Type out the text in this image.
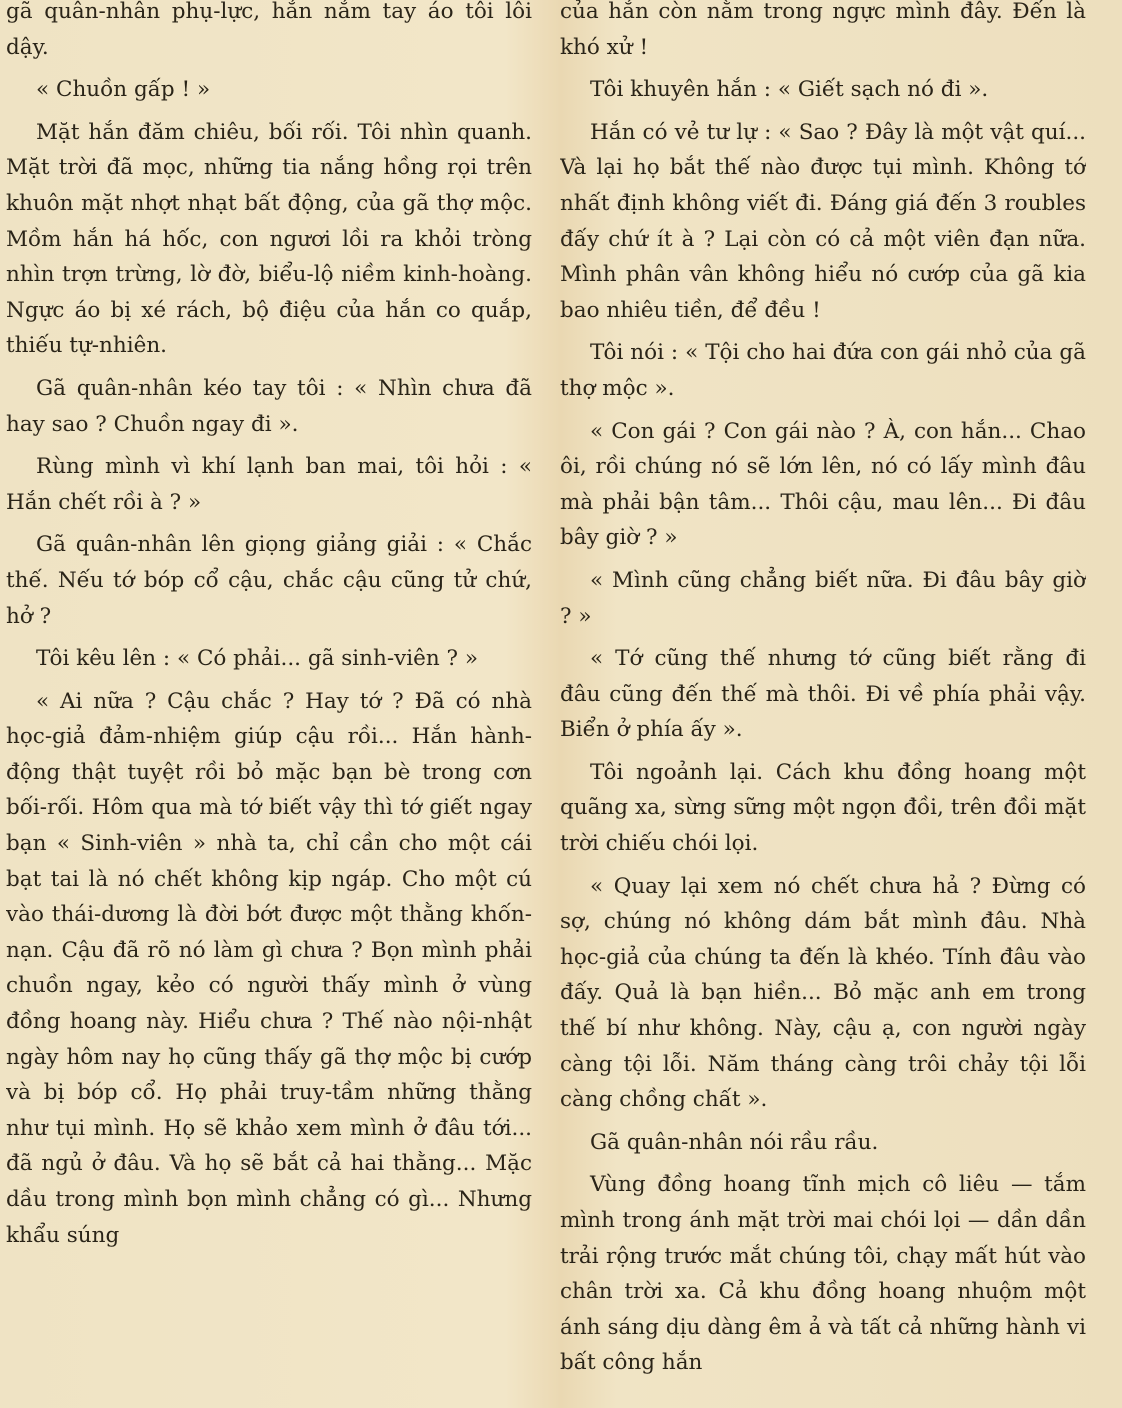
gã quân-nhân phụ-lực, hắn nắm tay áo tôi lôi dậy.

« Chuồn gấp ! »

Mặt hắn đăm chiêu, bối rối. Tôi nhìn quanh. Mặt trời đã mọc, những tia nắng hồng rọi trên khuôn mặt nhợt nhạt bất động, của gã thợ mộc. Mồm hắn há hốc, con ngươi lồi ra khỏi tròng nhìn trợn trừng, lờ đờ, biểu-lộ niềm kinh-hoàng. Ngực áo bị xé rách, bộ điệu của hắn co quắp, thiếu tự-nhiên.

Gã quân-nhân kéo tay tôi : « Nhìn chưa đã hay sao ? Chuồn ngay đi ».

Rùng mình vì khí lạnh ban mai, tôi hỏi : « Hắn chết rồi à ? »

Gã quân-nhân lên giọng giảng giải : « Chắc thế. Nếu tớ bóp cổ cậu, chắc cậu cũng tử chứ, hở ?

Tôi kêu lên : « Có phải... gã sinh-viên ? »

« Ai nữa ? Cậu chắc ? Hay tớ ? Đã có nhà học-giả đảm-nhiệm giúp cậu rồi... Hắn hành-động thật tuyệt rồi bỏ mặc bạn bè trong cơn bối-rối. Hôm qua mà tớ biết vậy thì tớ giết ngay bạn « Sinh-viên » nhà ta, chỉ cần cho một cái bạt tai là nó chết không kịp ngáp. Cho một cú vào thái-dương là đời bớt được một thằng khốn-nạn. Cậu đã rõ nó làm gì chưa ? Bọn mình phải chuồn ngay, kẻo có người thấy mình ở vùng đồng hoang này. Hiểu chưa ? Thế nào nội-nhật ngày hôm nay họ cũng thấy gã thợ mộc bị cướp và bị bóp cổ. Họ phải truy-tầm những thằng như tụi mình. Họ sẽ khảo xem mình ở đâu tới... đã ngủ ở đâu. Và họ sẽ bắt cả hai thằng... Mặc dầu trong mình bọn mình chẳng có gì... Nhưng khẩu súng

của hắn còn nằm trong ngực mình đây. Đến là khó xử !

Tôi khuyên hắn : « Giết sạch nó đi ».

Hắn có vẻ tư lự : « Sao ? Đây là một vật quí... Và lại họ bắt thế nào được tụi mình. Không tớ nhất định không viết đi. Đáng giá đến 3 roubles đấy chứ ít à ? Lại còn có cả một viên đạn nữa. Mình phân vân không hiểu nó cướp của gã kia bao nhiêu tiền, để đều !

Tôi nói : « Tội cho hai đứa con gái nhỏ của gã thợ mộc ».

« Con gái ? Con gái nào ? À, con hắn... Chao ôi, rồi chúng nó sẽ lớn lên, nó có lấy mình đâu mà phải bận tâm... Thôi cậu, mau lên... Đi đâu bây giờ ? »

« Mình cũng chẳng biết nữa. Đi đâu bây giờ ? »

« Tớ cũng thế nhưng tớ cũng biết rằng đi đâu cũng đến thế mà thôi. Đi về phía phải vậy. Biển ở phía ấy ».

Tôi ngoảnh lại. Cách khu đồng hoang một quãng xa, sừng sững một ngọn đồi, trên đồi mặt trời chiếu chói lọi.

« Quay lại xem nó chết chưa hả ? Đừng có sợ, chúng nó không dám bắt mình đâu. Nhà học-giả của chúng ta đến là khéo. Tính đâu vào đấy. Quả là bạn hiền... Bỏ mặc anh em trong thế bí như không. Này, cậu ạ, con người ngày càng tội lỗi. Năm tháng càng trôi chảy tội lỗi càng chồng chất ».

Gã quân-nhân nói rầu rầu.

Vùng đồng hoang tĩnh mịch cô liêu — tắm mình trong ánh mặt trời mai chói lọi — dần dần trải rộng trước mắt chúng tôi, chạy mất hút vào chân trời xa. Cả khu đồng hoang nhuộm một ánh sáng dịu dàng êm ả và tất cả những hành vi bất công hắn
